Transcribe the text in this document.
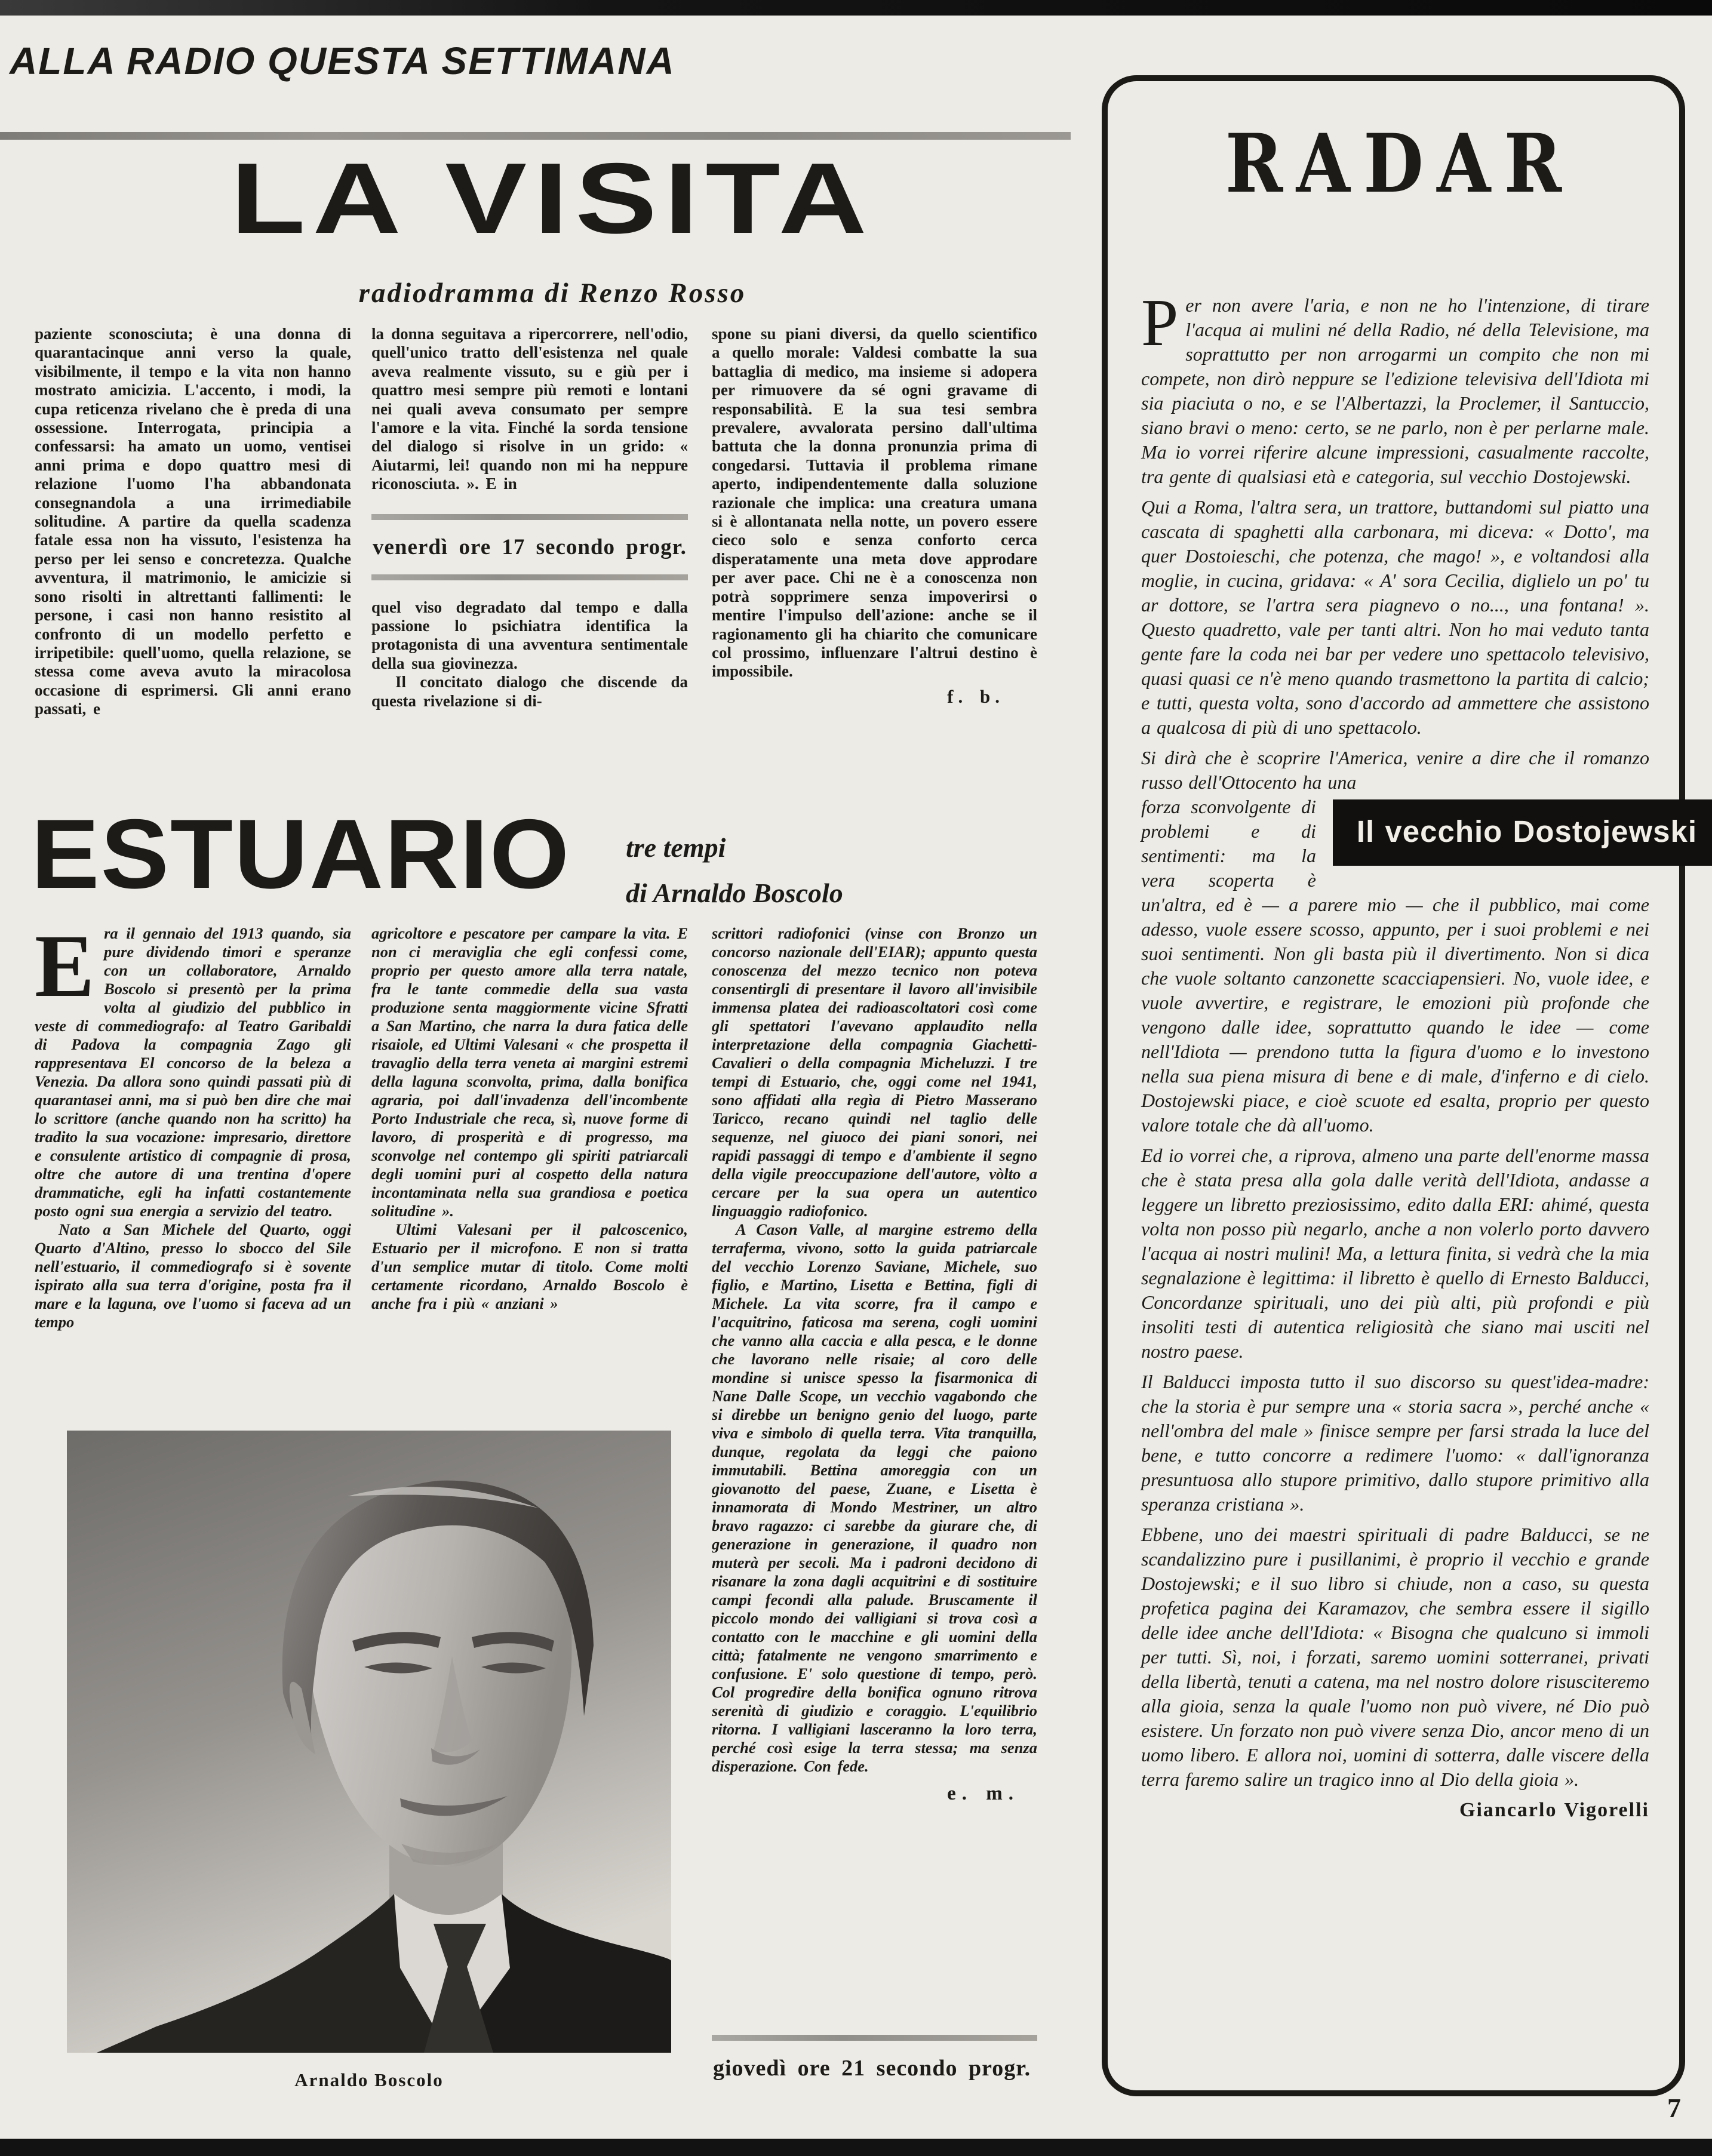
ALLA RADIO QUESTA SETTIMANA
LA VISITA
radiodramma di Renzo Rosso

paziente sconosciuta; è una donna di quarantacinque anni verso la quale, visibilmente, il tempo e la vita non hanno mostrato amicizia. L'accento, i modi, la cupa reticenza rivelano che è preda di una ossessione. Interrogata, principia a confessarsi: ha amato un uomo, ventisei anni prima e dopo quattro mesi di relazione l'uomo l'ha abbandonata consegnandola a una irrimediabile solitudine. A partire da quella scadenza fatale essa non ha vissuto, l'esistenza ha perso per lei senso e concretezza. Qualche avventura, il matrimonio, le amicizie si sono risolti in altrettanti fallimenti: le persone, i casi non hanno resistito al confronto di un modello perfetto e irripetibile: quell'uomo, quella relazione, se stessa come aveva avuto la miracolosa occasione di esprimersi. Gli anni erano passati, e

la donna seguitava a ripercorrere, nell'odio, quell'unico tratto dell'esistenza nel quale aveva realmente vissuto, su e giù per i quattro mesi sempre più remoti e lontani nei quali aveva consumato per sempre l'amore e la vita. Finché la sorda tensione del dialogo si risolve in un grido: « Aiutarmi, lei! quando non mi ha neppure riconosciuta. ». E in

venerdì ore 17 secondo progr.

quel viso degradato dal tempo e dalla passione lo psichiatra identifica la protagonista di una avventura sentimentale della sua giovinezza.

Il concitato dialogo che discende da questa rivelazione si di-

spone su piani diversi, da quello scientifico a quello morale: Valdesi combatte la sua battaglia di medico, ma insieme si adopera per rimuovere da sé ogni gravame di responsabilità. E la sua tesi sembra prevalere, avvalorata persino dall'ultima battuta che la donna pronunzia prima di congedarsi. Tuttavia il problema rimane aperto, indipendentemente dalla soluzione razionale che implica: una creatura umana si è allontanata nella notte, un povero essere cieco solo e senza conforto cerca disperatamente una meta dove approdare per aver pace. Chi ne è a conoscenza non potrà sopprimere senza impoverirsi o mentire l'impulso dell'azione: anche se il ragionamento gli ha chiarito che comunicare col prossimo, influenzare l'altrui destino è impossibile.

f. b.

ESTUARIO tre tempi
di Arnaldo Boscolo

Era il gennaio del 1913 quando, sia pure dividendo timori e speranze con un collaboratore, Arnaldo Boscolo si presentò per la prima volta al giudizio del pubblico in veste di commediografo: al Teatro Garibaldi di Padova la compagnia Zago gli rappresentava El concorso de la beleza a Venezia. Da allora sono quindi passati più di quarantasei anni, ma si può ben dire che mai lo scrittore (anche quando non ha scritto) ha tradito la sua vocazione: impresario, direttore e consulente artistico di compagnie di prosa, oltre che autore di una trentina d'opere drammatiche, egli ha infatti costantemente posto ogni sua energia a servizio del teatro.

Nato a San Michele del Quarto, oggi Quarto d'Altino, presso lo sbocco del Sile nell'estuario, il commediografo si è sovente ispirato alla sua terra d'origine, posta fra il mare e la laguna, ove l'uomo si faceva ad un tempo

agricoltore e pescatore per campare la vita. E non ci meraviglia che egli confessi come, proprio per questo amore alla terra natale, fra le tante commedie della sua vasta produzione senta maggiormente vicine Sfratti a San Martino, che narra la dura fatica delle risaiole, ed Ultimi Valesani « che prospetta il travaglio della terra veneta ai margini estremi della laguna sconvolta, prima, dalla bonifica agraria, poi dall'invadenza dell'incombente Porto Industriale che reca, sì, nuove forme di lavoro, di prosperità e di progresso, ma sconvolge nel contempo gli spiriti patriarcali degli uomini puri al cospetto della natura incontaminata nella sua grandiosa e poetica solitudine ».

Ultimi Valesani per il palcoscenico, Estuario per il microfono. E non si tratta d'un semplice mutar di titolo. Come molti certamente ricordano, Arnaldo Boscolo è anche fra i più « anziani »

scrittori radiofonici (vinse con Bronzo un concorso nazionale dell'EIAR); appunto questa conoscenza del mezzo tecnico non poteva consentirgli di presentare il lavoro all'invisibile immensa platea dei radioascoltatori così come gli spettatori l'avevano applaudito nella interpretazione della compagnia Giachetti-Cavalieri o della compagnia Micheluzzi. I tre tempi di Estuario, che, oggi come nel 1941, sono affidati alla regìa di Pietro Masserano Taricco, recano quindi nel taglio delle sequenze, nel giuoco dei piani sonori, nei rapidi passaggi di tempo e d'ambiente il segno della vigile preoccupazione dell'autore, vòlto a cercare per la sua opera un autentico linguaggio radiofonico.

A Cason Valle, al margine estremo della terraferma, vivono, sotto la guida patriarcale del vecchio Lorenzo Saviane, Michele, suo figlio, e Martino, Lisetta e Bettina, figli di Michele. La vita scorre, fra il campo e l'acquitrino, faticosa ma serena, cogli uomini che vanno alla caccia e alla pesca, e le donne che lavorano nelle risaie; al coro delle mondine si unisce spesso la fisarmonica di Nane Dalle Scope, un vecchio vagabondo che si direbbe un benigno genio del luogo, parte viva e simbolo di quella terra. Vita tranquilla, dunque, regolata da leggi che paiono immutabili. Bettina amoreggia con un giovanotto del paese, Zuane, e Lisetta è innamorata di Mondo Mestriner, un altro bravo ragazzo: ci sarebbe da giurare che, di generazione in generazione, il quadro non muterà per secoli. Ma i padroni decidono di risanare la zona dagli acquitrini e di sostituire campi fecondi alla palude. Bruscamente il piccolo mondo dei valligiani si trova così a contatto con le macchine e gli uomini della città; fatalmente ne vengono smarrimento e confusione. E' solo questione di tempo, però. Col progredire della bonifica ognuno ritrova serenità di giudizio e coraggio. L'equilibrio ritorna. I valligiani lasceranno la loro terra, perché così esige la terra stessa; ma senza disperazione. Con fede.

e. m.

Arnaldo Boscolo	giovedì ore 21 secondo progr.

RADAR

Per non avere l'aria, e non ne ho l'intenzione, di tirare l'acqua ai mulini né della Radio, né della Televisione, ma soprattutto per non arrogarmi un compito che non mi compete, non dirò neppure se l'edizione televisiva dell'Idiota mi sia piaciuta o no, e se l'Albertazzi, la Proclemer, il Santuccio, siano bravi o meno: certo, se ne parlo, non è per perlarne male. Ma io vorrei riferire alcune impressioni, casualmente raccolte, tra gente di qualsiasi età e categoria, sul vecchio Dostojewski.

Qui a Roma, l'altra sera, un trattore, buttandomi sul piatto una cascata di spaghetti alla carbonara, mi diceva: « Dotto', ma quer Dostoieschi, che potenza, che mago! », e voltandosi alla moglie, in cucina, gridava: « A' sora Cecilia, diglielo un po' tu ar dottore, se l'artra sera piagnevo o no..., una fontana! ». Questo quadretto, vale per tanti altri. Non ho mai veduto tanta gente fare la coda nei bar per vedere uno spettacolo televisivo, quasi quasi ce n'è meno quando trasmettono la partita di calcio; e tutti, questa volta, sono d'accordo ad ammettere che assistono a qualcosa di più di uno spettacolo.

Si dirà che è scoprire l'America, venire a dire che il romanzo russo dell'Ottocento ha una

Il vecchio Dostojewski
forza sconvolgente di problemi e di sentimenti: ma la vera scoperta è un'altra, ed è — a parere mio — che il pubblico, mai come adesso, vuole essere scosso, appunto, per i suoi problemi e nei suoi sentimenti. Non gli basta più il divertimento. Non si dica che vuole soltanto canzonette scacciapensieri. No, vuole idee, e vuole avvertire, e registrare, le emozioni più profonde che vengono dalle idee, soprattutto quando le idee — come nell'Idiota — prendono tutta la figura d'uomo e lo investono nella sua piena misura di bene e di male, d'inferno e di cielo. Dostojewski piace, e cioè scuote ed esalta, proprio per questo valore totale che dà all'uomo.

Ed io vorrei che, a riprova, almeno una parte dell'enorme massa che è stata presa alla gola dalle verità dell'Idiota, andasse a leggere un libretto preziosissimo, edito dalla ERI: ahimé, questa volta non posso più negarlo, anche a non volerlo porto davvero l'acqua ai nostri mulini! Ma, a lettura finita, si vedrà che la mia segnalazione è legittima: il libretto è quello di Ernesto Balducci, Concordanze spirituali, uno dei più alti, più profondi e più insoliti testi di autentica religiosità che siano mai usciti nel nostro paese.

Il Balducci imposta tutto il suo discorso su quest'idea-madre: che la storia è pur sempre una « storia sacra », perché anche « nell'ombra del male » finisce sempre per farsi strada la luce del bene, e tutto concorre a redimere l'uomo: « dall'ignoranza presuntuosa allo stupore primitivo, dallo stupore primitivo alla speranza cristiana ».

Ebbene, uno dei maestri spirituali di padre Balducci, se ne scandalizzino pure i pusillanimi, è proprio il vecchio e grande Dostojewski; e il suo libro si chiude, non a caso, su questa profetica pagina dei Karamazov, che sembra essere il sigillo delle idee anche dell'Idiota: « Bisogna che qualcuno si immoli per tutti. Sì, noi, i forzati, saremo uomini sotterranei, privati della libertà, tenuti a catena, ma nel nostro dolore risusciteremo alla gioia, senza la quale l'uomo non può vivere, né Dio può esistere. Un forzato non può vivere senza Dio, ancor meno di un uomo libero. E allora noi, uomini di sotterra, dalle viscere della terra faremo salire un tragico inno al Dio della gioia ».

Giancarlo Vigorelli

7
